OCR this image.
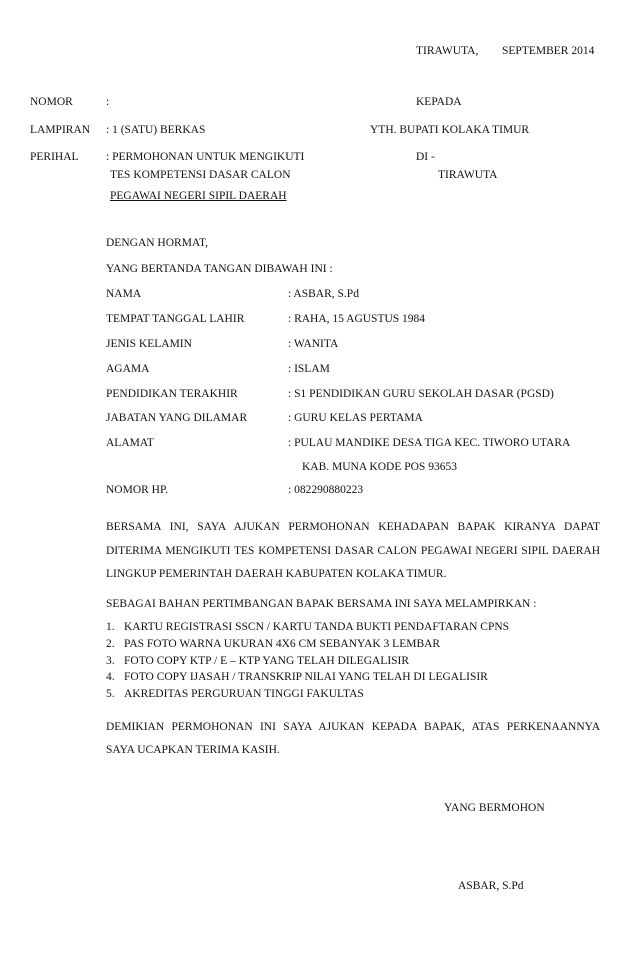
TIRAWUTA, SEPTEMBER 2014
NOMOR	:	KEPADA
LAMPIRAN : 1 (SATU) BERKAS	YTH. BUPATI KOLAKA TIMUR
PERIHAL : PERMOHONAN UNTUK MENGIKUTI	DI -
TES KOMPETENSI DASAR CALON	TIRAWUTA
PEGAWAI NEGERI SIPIL DAERAH
DENGAN HORMAT,
YANG BERTANDA TANGAN DIBAWAH INI :
NAMA	: ASBAR, S.Pd
TEMPAT TANGGAL LAHIR	: RAHA, 15 AGUSTUS 1984
JENIS KELAMIN	: WANITA
AGAMA	: ISLAM
PENDIDIKAN TERAKHIR	: S1 PENDIDIKAN GURU SEKOLAH DASAR (PGSD)
JABATAN YANG DILAMAR	: GURU KELAS PERTAMA
ALAMAT	: PULAU MANDIKE DESA TIGA KEC. TIWORO UTARA
KAB. MUNA KODE POS 93653
NOMOR HP.	: 082290880223
BERSAMA INI, SAYA AJUKAN PERMOHONAN KEHADAPAN BAPAK KIRANYA DAPAT
DITERIMA MENGIKUTI TES KOMPETENSI DASAR CALON PEGAWAI NEGERI SIPIL DAERAH
LINGKUP PEMERINTAH DAERAH KABUPATEN KOLAKA TIMUR.
SEBAGAI BAHAN PERTIMBANGAN BAPAK BERSAMA INI SAYA MELAMPIRKAN :
1. KARTU REGISTRASI SSCN / KARTU TANDA BUKTI PENDAFTARAN CPNS
2. PAS FOTO WARNA UKURAN 4X6 CM SEBANYAK 3 LEMBAR
3. FOTO COPY KTP / E – KTP YANG TELAH DILEGALISIR
4. FOTO COPY IJASAH / TRANSKRIP NILAI YANG TELAH DI LEGALISIR
5. AKREDITAS PERGURUAN TINGGI FAKULTAS
DEMIKIAN PERMOHONAN INI SAYA AJUKAN KEPADA BAPAK, ATAS PERKENAANNYA
SAYA UCAPKAN TERIMA KASIH.
YANG BERMOHON
ASBAR, S.Pd
